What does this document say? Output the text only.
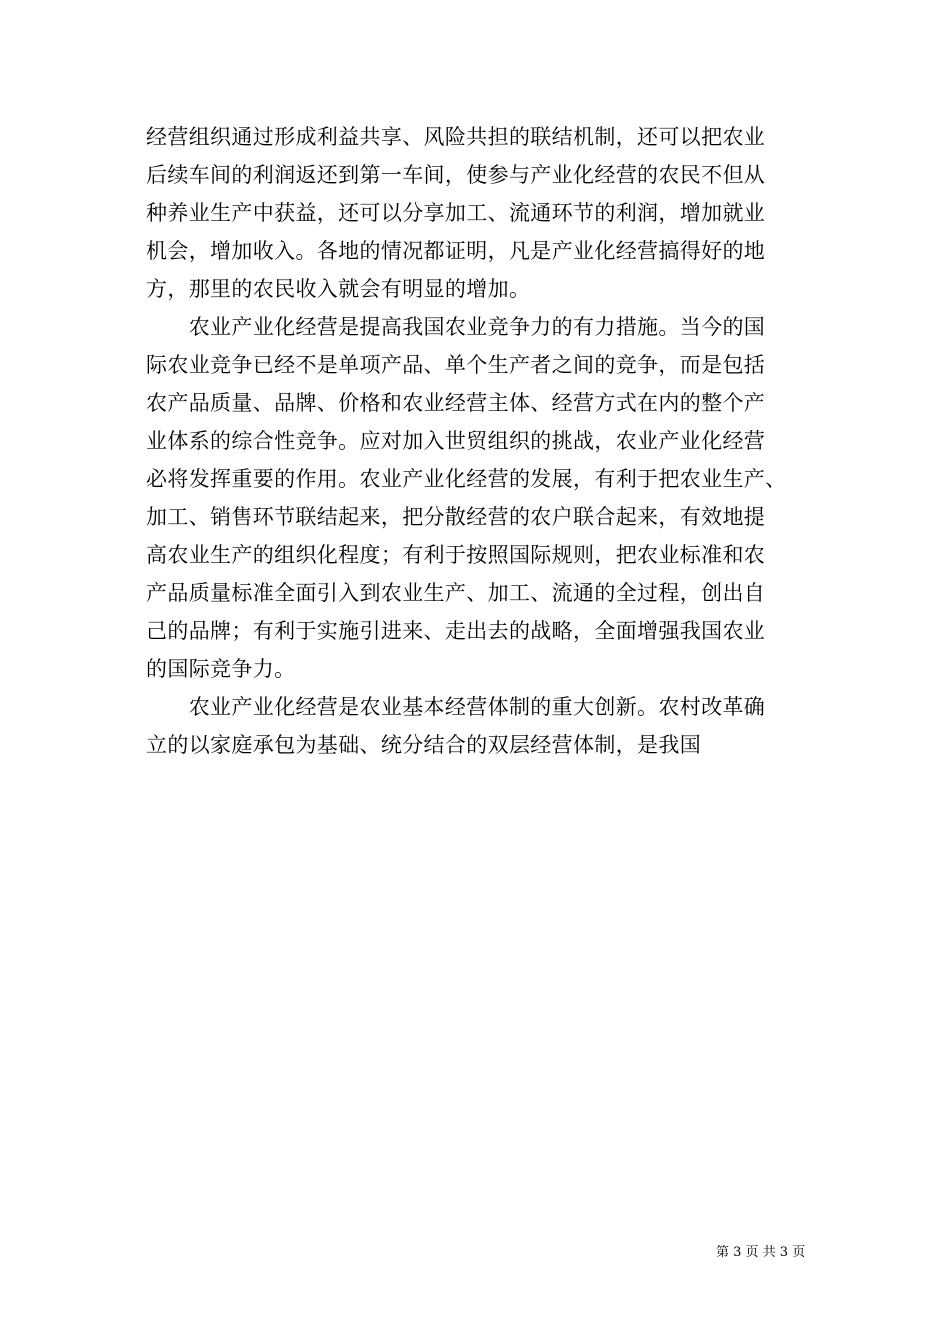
经营组织通过形成利益共享、风险共担的联结机制，还可以把农业
后续车间的利润返还到第一车间，使参与产业化经营的农民不但从
种养业生产中获益，还可以分享加工、流通环节的利润，增加就业
机会，增加收入。各地的情况都证明，凡是产业化经营搞得好的地
方，那里的农民收入就会有明显的增加。
　　农业产业化经营是提高我国农业竞争力的有力措施。当今的国
际农业竞争已经不是单项产品、单个生产者之间的竞争，而是包括
农产品质量、品牌、价格和农业经营主体、经营方式在内的整个产
业体系的综合性竞争。应对加入世贸组织的挑战，农业产业化经营
必将发挥重要的作用。农业产业化经营的发展，有利于把农业生产、
加工、销售环节联结起来，把分散经营的农户联合起来，有效地提
高农业生产的组织化程度；有利于按照国际规则，把农业标准和农
产品质量标准全面引入到农业生产、加工、流通的全过程，创出自
己的品牌；有利于实施引进来、走出去的战略，全面增强我国农业
的国际竞争力。
　　农业产业化经营是农业基本经营体制的重大创新。农村改革确
立的以家庭承包为基础、统分结合的双层经营体制，是我国
第 3 页 共 3 页
